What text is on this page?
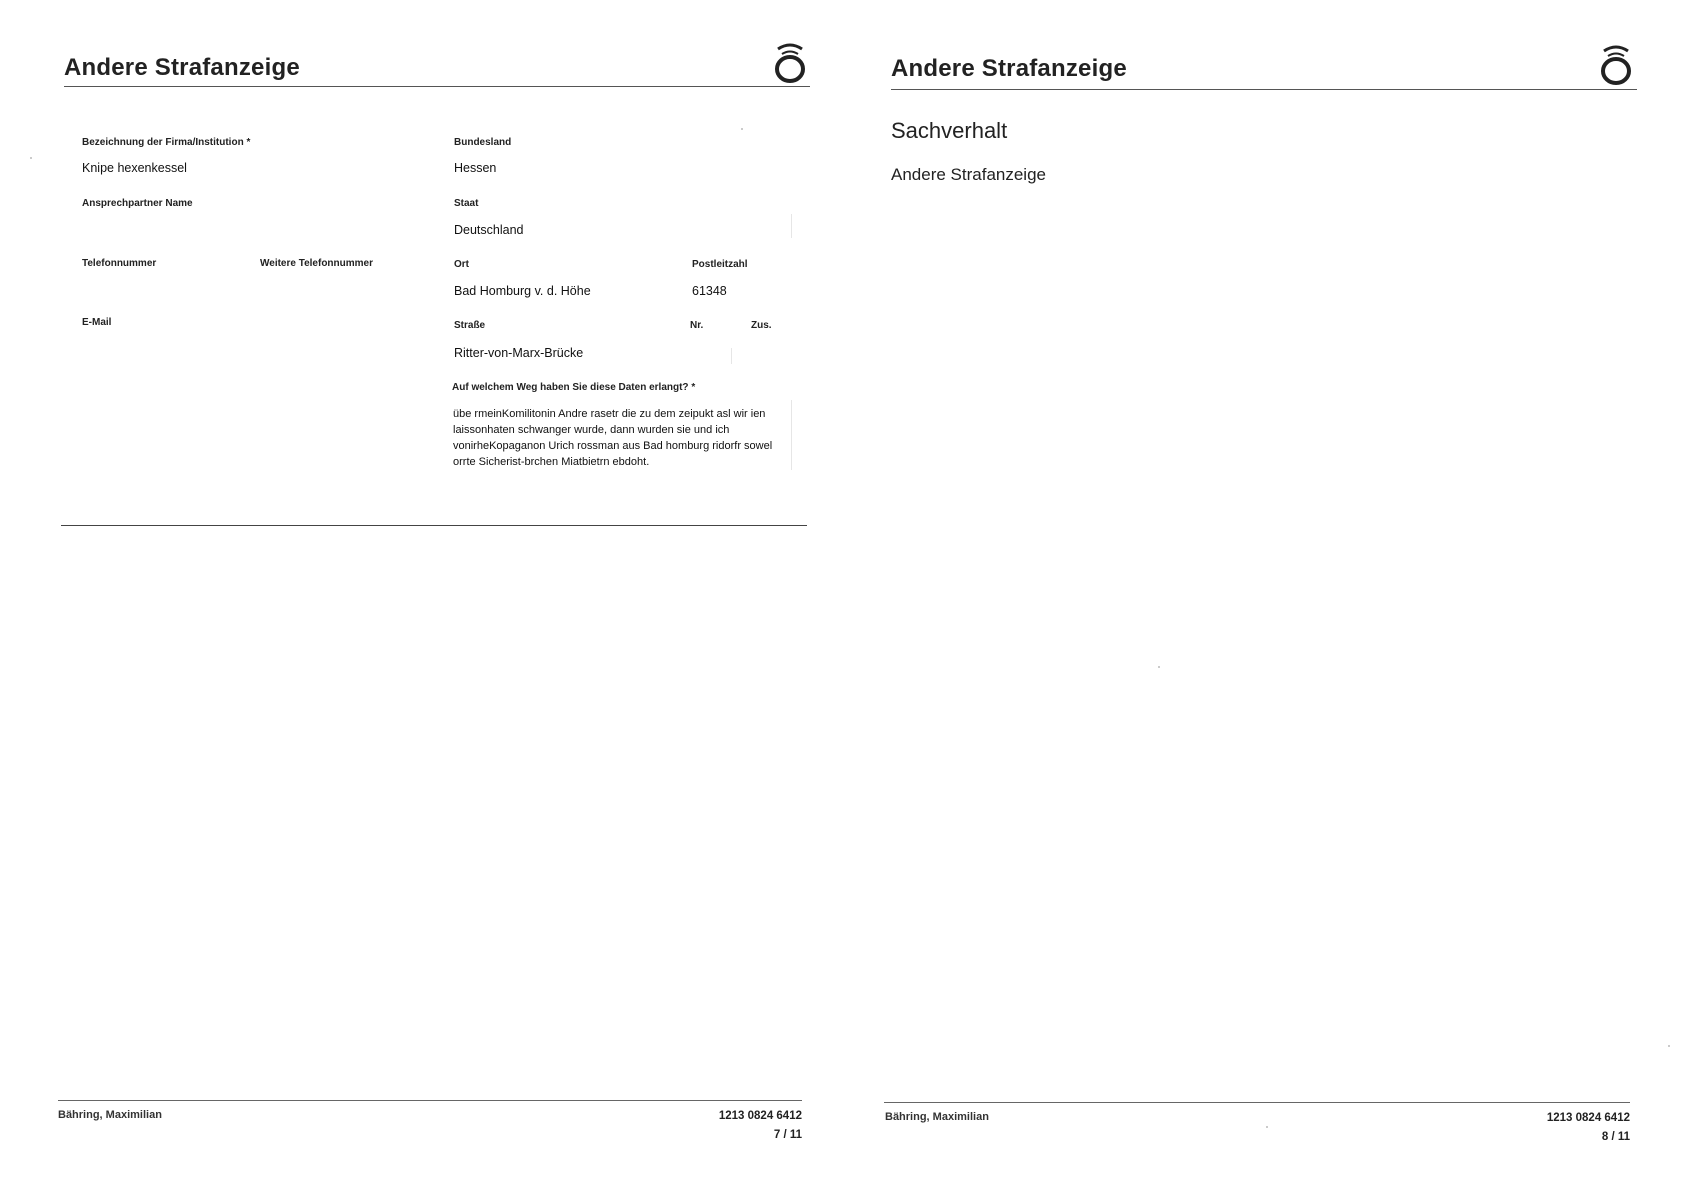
Andere Strafanzeige
Bezeichnung der Firma/Institution *
Knipe hexenkessel
Ansprechpartner Name
Telefonnummer	Weitere Telefonnummer
E-Mail
Bundesland
Hessen
Staat
Deutschland
Ort
Bad Homburg v. d. Höhe
Postleitzahl
61348
Straße
Ritter-von-Marx-Brücke
Nr.	Zus.
Auf welchem Weg haben Sie diese Daten erlangt? *
übe rmeinKomilitonin Andre rasetr die zu dem zeipukt asl wir ien
laissonhaten schwanger wurde, dann wurden sie und ich
vonirheKopaganon Urich rossman aus Bad homburg ridorfr sowel
orrte Sicherist-brchen Miatbietrn ebdoht.
Bähring, Maximilian	1213 0824 6412
7 / 11
Andere Strafanzeige
Sachverhalt
Andere Strafanzeige
Bähring, Maximilian	1213 0824 6412
8 / 11
